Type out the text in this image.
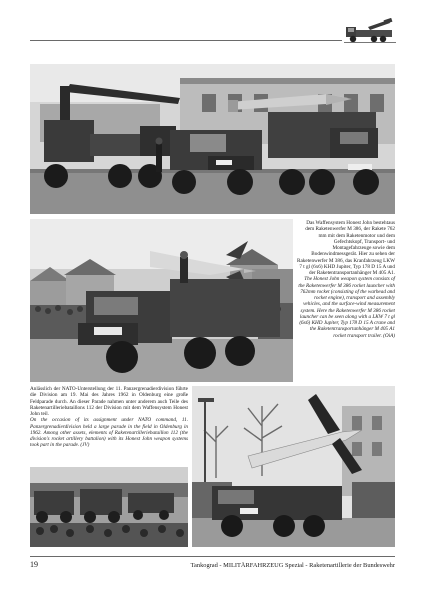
Das Waffensystem Honest John bestehtaus dem Raketenwerfer M 386, der Rakete 762 mm mit dem Raketenmotor und dem Gefechtskopf, Transport- und Montagefahrzeuge sowie dem Bodenwindmessgerät. Hier zu sehen der Raketenwerfer M 386, das Kranfahrzeug LKW 7 t gl (6x6) KHD Jupiter, Typ 178 D 15 A und der Raketentransportanhänger M 405 A1.

The Honest John weapon system consists of the Raketenwerfer M 386 rocket launcher with 762mm rocket (consisting of the warhead and rocket engine), transport and assembly vehicles, and the surface-wind measurement system. Here the Raketenwerfer M 386 rocket launcher can be seen along with a LKW 7 t gl (6x6) KHD Jupiter, Typ 178 D 15 A crane and the Raketentransportanhänger M 405 A1 rocket transport trailer. (OiA)

Anlässlich der NATO-Unterstellung der 11. Panzergrenadierdivision führte die Division am 19. Mai des Jahres 1962 in Oldenburg eine große Feldparade durch. An dieser Parade nahmen unter anderem auch Teile des Raketenartilleriebataillons 112 der Division mit dem Waffensystem Honest John teil.

On the occasion of its assignment under NATO command, 11. Panzergrenadierdivision held a large parade in the field in Oldenburg in 1962. Among other assets, elements of Raketenartilleriebataillon 112 (the division's rocket artillery battalion) with its Honest John weapon systems took part in the parade. (JV)

19	Tankograd - MILITÄRFAHRZEUG Spezial - Raketenartillerie der Bundeswehr
